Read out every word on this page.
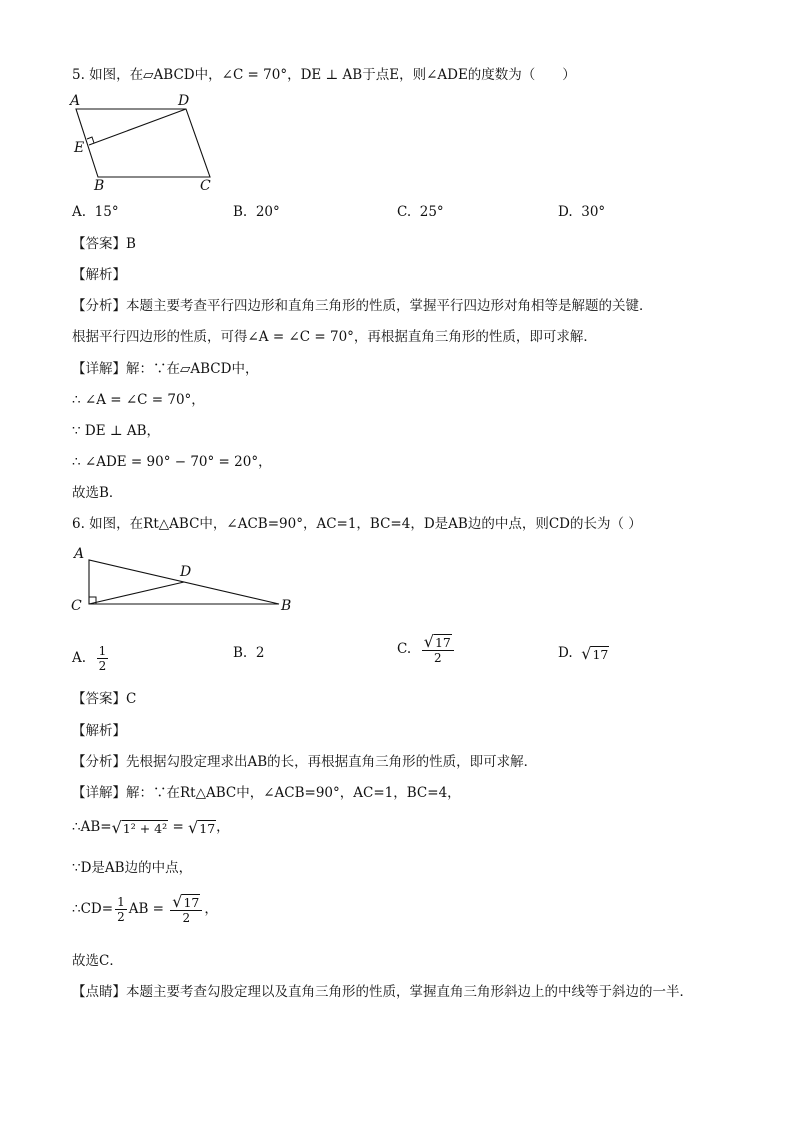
5. 如图，在▱ABCD中，∠C = 70°，DE ⊥ AB于点E，则∠ADE的度数为（　　）
A	D
E
B	C
A. 15°	B. 20°	C. 25°	D. 30°
【答案】B
【解析】
【分析】本题主要考查平行四边形和直角三角形的性质，掌握平行四边形对角相等是解题的关键．
根据平行四边形的性质，可得∠A = ∠C = 70°，再根据直角三角形的性质，即可求解．
【详解】解：∵在▱ABCD中，
∴ ∠A = ∠C = 70°，
∵ DE ⊥ AB，
∴ ∠ADE = 90° − 70° = 20°，
故选B．
6. 如图，在Rt△ABC中，∠ACB=90°，AC=1，BC=4，D是AB边的中点，则CD的长为（ ）
A
D
C	B
A. $\frac{1}{2}$	B. 2	C. $\frac{√ 17}{2}$	D. √ 17
【答案】C
【解析】
【分析】先根据勾股定理求出AB的长，再根据直角三角形的性质，即可求解．
【详解】解：∵在Rt△ABC中，∠ACB=90°，AC=1，BC=4，
∴AB= √ 1² + 4² = √ 17 ，
∵D是AB边的中点，
∴CD= $\frac{1}{2}$ AB = $\frac{√ 17}{2}$ ，
故选C．
【点睛】本题主要考查勾股定理以及直角三角形的性质，掌握直角三角形斜边上的中线等于斜边的一半．
